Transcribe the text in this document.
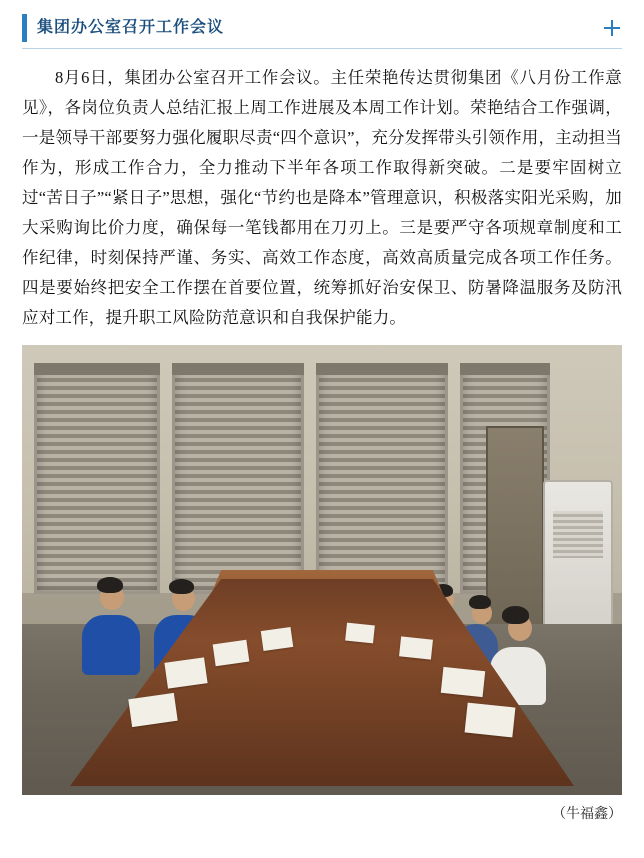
集团办公室召开工作会议

8月6日，集团办公室召开工作会议。主任荣艳传达贯彻集团《八月份工作意见》，各岗位负责人总结汇报上周工作进展及本周工作计划。荣艳结合工作强调，一是领导干部要努力强化履职尽责“四个意识”，充分发挥带头引领作用，主动担当作为，形成工作合力，全力推动下半年各项工作取得新突破。二是要牢固树立过“苦日子”“紧日子”思想，强化“节约也是降本”管理意识，积极落实阳光采购，加大采购询比价力度，确保每一笔钱都用在刀刃上。三是要严守各项规章制度和工作纪律，时刻保持严谨、务实、高效工作态度，高效高质量完成各项工作任务。四是要始终把安全工作摆在首要位置，统筹抓好治安保卫、防暑降温服务及防汛应对工作，提升职工风险防范意识和自我保护能力。

（牛福鑫）
